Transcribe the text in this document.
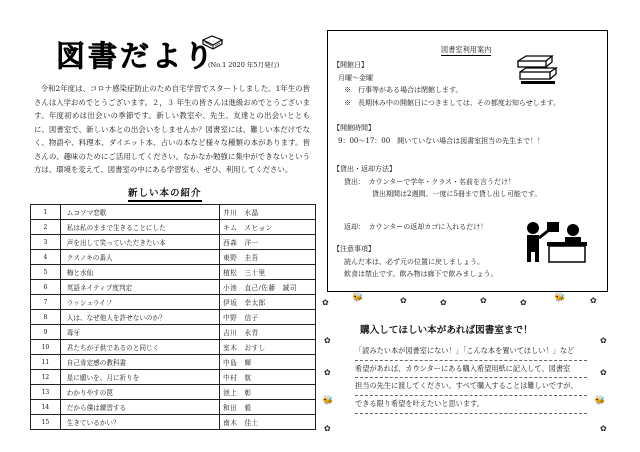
図書だより
(No.1 2020 年5月発行)
令和2年度は、コロナ感染症防止のため自宅学習でスタートしました。1年生の皆さんは入学おめでとうございます。２，３ 年生の皆さんは進級おめでとうございます。年度初めは出会いの季節です。新しい教室や、先生、友達との出会いとともに、図書室で、新しい本との出会いをしませんか？図書室には、難しい本だけでなく、物語や、料理本、ダイエット本、占いの本など様々な種類の本があります。皆さんの、趣味のためにご活用してください。なかなか勉強に集中ができないという方は、環境を変えて、図書室の中にある学習室も、ぜひ、利用してください。
新しい本の紹介
1	ムコソマ恋歌	井川　水晶
2	私は私のままで生きることにした	キム　スヒョン
3	声を出して笑っていただきたい本	西森　洋一
4	クスノキの番人	東野　圭吾
5	梅と水仙	植松　三十里
6	英語ネイティブ度判定	小池　直己/佐藤　誠司
7	ラッシュライフ	伊坂　幸太郎
8	人は、なぜ他人を許せないのか？	中野　信子
9	毒牙	吉川　永青
10	君たちが子供であるのと同じく	室木　おすし
11	自己肯定感の教科書	中島　輝
12	星に願いを、月に祈りを	中村　航
13	わかりやすの罠	池上　彰
14	だから僕は練習する	和田　毅
15	生きているかい？	南木　佳士
図書室利用案内
【開館日】
月曜～金曜
※　行事等がある場合は閉館します。
※　長期休み中の開館日につきましては、その都度お知らせします。
【開館時間】
9：00～17：00　開いていない場合は図書室担当の先生まで！！
【貸出・返却方法】
貸出：　カウンターで学年・クラス・名前を言うだけ！
貸出期間は2週間、一度に5冊まで貸し出し可能です。
返却：　カウンターの返却カゴに入れるだけ！
【注意事項】
読んだ本は、必ず元の位置に戻しましょう。
飲食は禁止です。飲み物は廊下で飲みましょう。
✿	🐝	✿	✿	✿	✿	🐝	✿
✿
✿
🐝
✿
✿
✿
🐝
✿
購入してほしい本があれば図書室まで！
「読みたい本が図書室にない！」「こんな本を置いてほしい！」など
希望があれば、カウンターにある購入希望用紙に記入して、図書室
担当の先生に渡してください。すべて購入することは難しいですが、
できる限り希望を叶えたいと思います。
